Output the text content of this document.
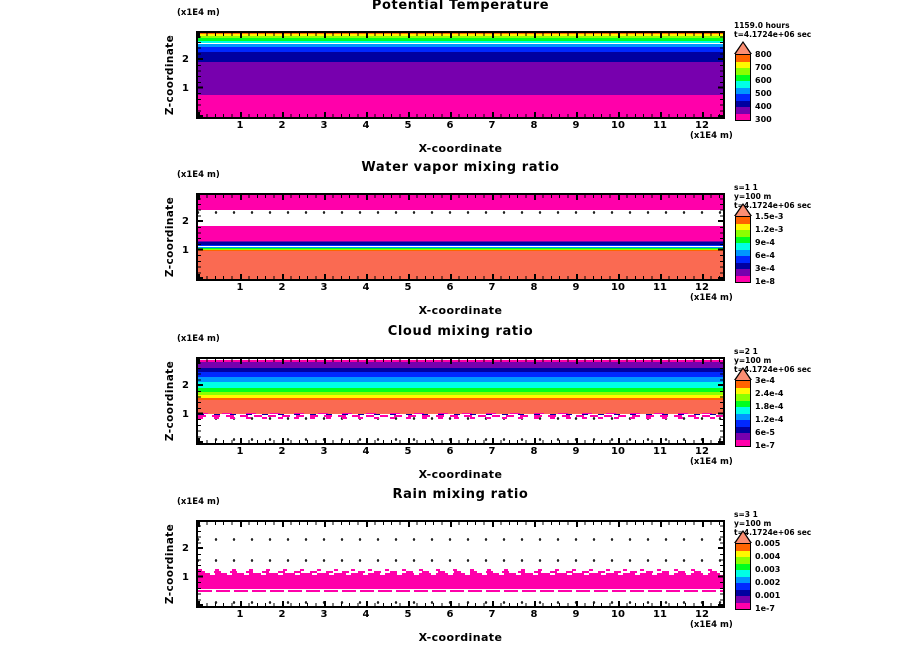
Potential Temperature
(x1E4 m)
Z-coordinate 1
2
1	2	3	4	5	6	7	8	9	10	11	12
(x1E4 m)
X-coordinate
1159.0 hours
t=4.1724e+06 sec
800
700
600
500
400
300
Water vapor mixing ratio
(x1E4 m)
Z-coordinate 1
2
1	2	3	4	5	6	7	8	9	10	11	12
(x1E4 m)
X-coordinate
s=1 1
y=100 m
t=4.1724e+06 sec
1.5e-3
1.2e-3
9e-4
6e-4
3e-4
1e-8
Cloud mixing ratio
(x1E4 m)
Z-coordinate 1
2
1	2	3	4	5	6	7	8	9	10	11	12
(x1E4 m)
X-coordinate
s=2 1
y=100 m
t=4.1724e+06 sec
3e-4
2.4e-4
1.8e-4
1.2e-4
6e-5
1e-7
Rain mixing ratio
(x1E4 m)
Z-coordinate 1
2
1	2	3	4	5	6	7	8	9	10	11	12
(x1E4 m)
X-coordinate
s=3 1
y=100 m
t=4.1724e+06 sec
0.005
0.004
0.003
0.002
0.001
1e-7
